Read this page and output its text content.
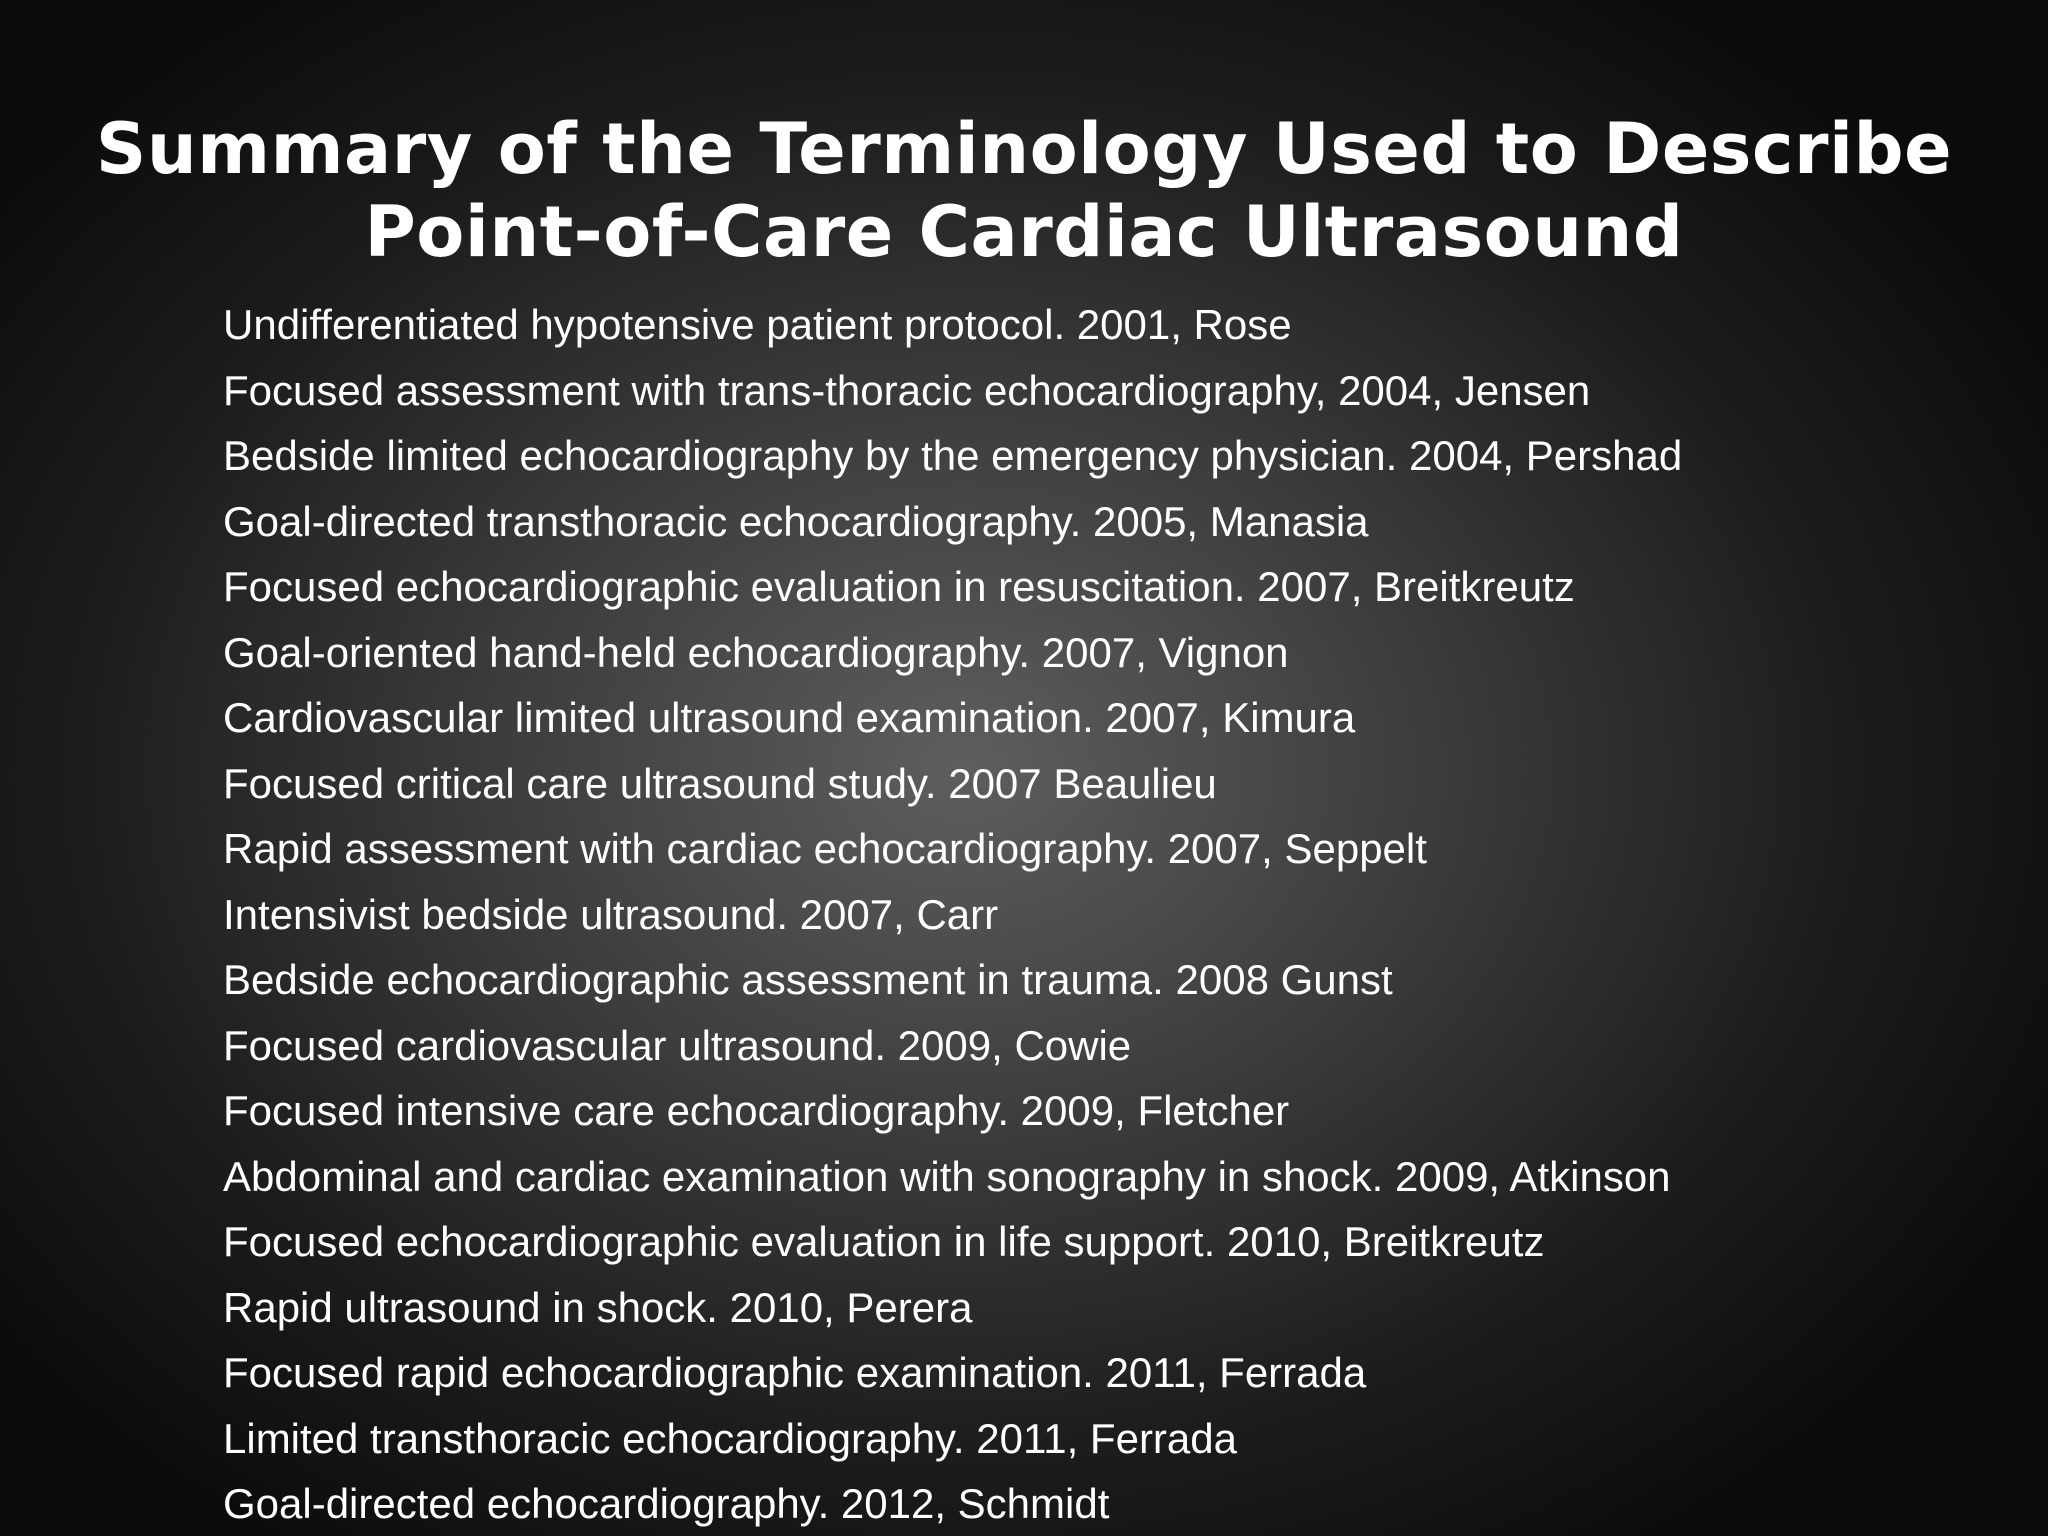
Summary of the Terminology Used to Describe
Point-of-Care Cardiac Ultrasound
Undifferentiated hypotensive patient protocol. 2001, Rose
Focused assessment with trans-thoracic echocardiography, 2004, Jensen
Bedside limited echocardiography by the emergency physician. 2004, Pershad
Goal-directed transthoracic echocardiography. 2005, Manasia
Focused echocardiographic evaluation in resuscitation. 2007, Breitkreutz
Goal-oriented hand-held echocardiography. 2007, Vignon
Cardiovascular limited ultrasound examination. 2007, Kimura
Focused critical care ultrasound study. 2007 Beaulieu
Rapid assessment with cardiac echocardiography. 2007, Seppelt
Intensivist bedside ultrasound. 2007, Carr
Bedside echocardiographic assessment in trauma. 2008 Gunst
Focused cardiovascular ultrasound. 2009, Cowie
Focused intensive care echocardiography. 2009, Fletcher
Abdominal and cardiac examination with sonography in shock. 2009, Atkinson
Focused echocardiographic evaluation in life support. 2010, Breitkreutz
Rapid ultrasound in shock. 2010, Perera
Focused rapid echocardiographic examination. 2011, Ferrada
Limited transthoracic echocardiography. 2011, Ferrada
Goal-directed echocardiography. 2012, Schmidt
